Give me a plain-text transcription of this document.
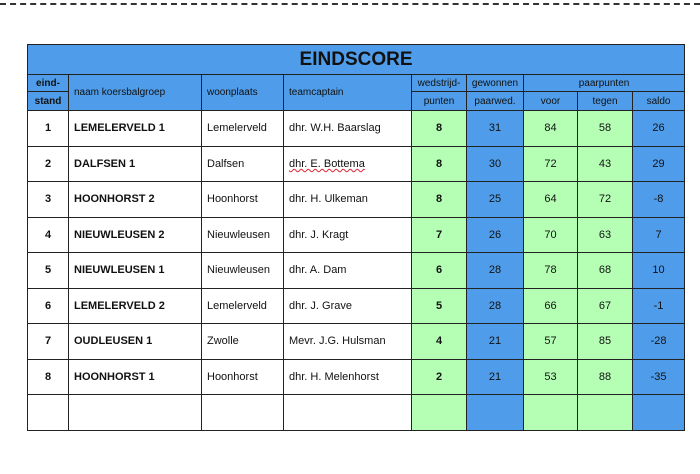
EINDSCORE								
eind-	naam koersbalgroep	woonplaats	teamcaptain	wedstrijd-	gewonnen	paarpunten		
stand				punten	paarwed.	voor	tegen	saldo
1	LEMELERVELD 1	Lemelerveld	dhr. W.H. Baarslag	8	31	84	58	26
2	DALFSEN 1	Dalfsen	dhr. E. Bottema	8	30	72	43	29
3	HOONHORST 2	Hoonhorst	dhr. H. Ulkeman	8	25	64	72	-8
4	NIEUWLEUSEN 2	Nieuwleusen	dhr. J. Kragt	7	26	70	63	7
5	NIEUWLEUSEN 1	Nieuwleusen	dhr. A. Dam	6	28	78	68	10
6	LEMELERVELD 2	Lemelerveld	dhr. J. Grave	5	28	66	67	-1
7	OUDLEUSEN 1	Zwolle	Mevr. J.G. Hulsman	4	21	57	85	-28
8	HOONHORST 1	Hoonhorst	dhr. H. Melenhorst	2	21	53	88	-35
